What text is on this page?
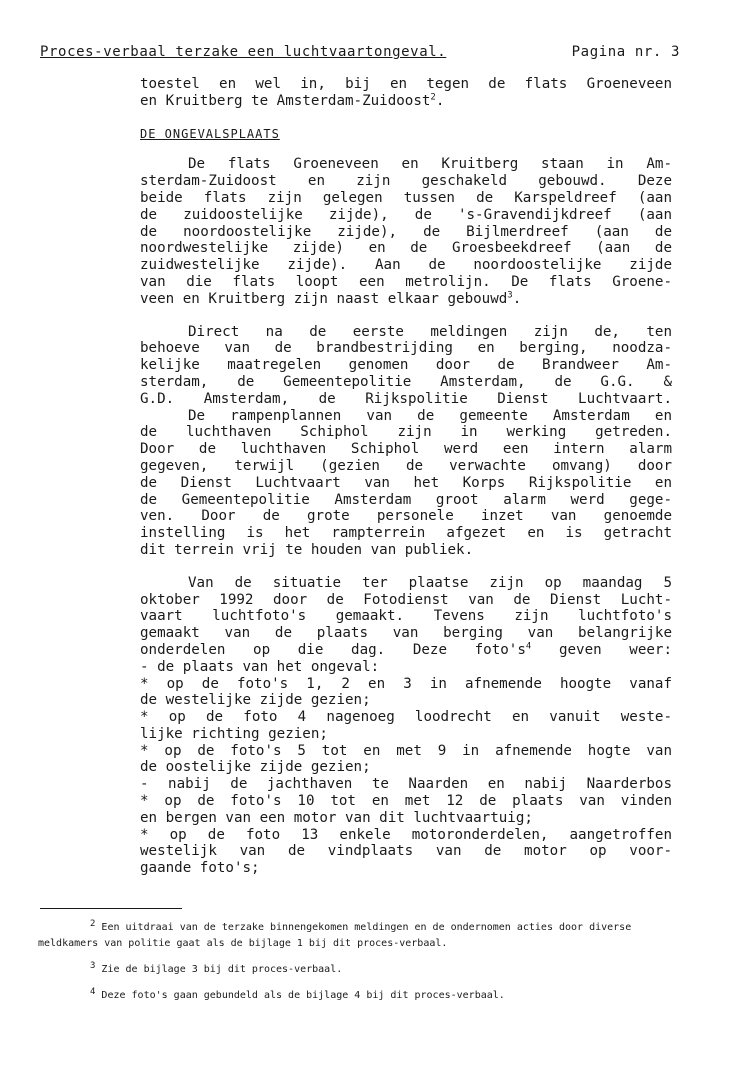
Proces-verbaal terzake een luchtvaartongeval.	Pagina nr. 3
toestel en wel in, bij en tegen de flats Groeneveen
en Kruitberg te Amsterdam-Zuidoost$^2$.
DE ONGEVALSPLAATS
De flats Groeneveen en Kruitberg staan in Am-
sterdam-Zuidoost en zijn geschakeld gebouwd. Deze
beide flats zijn gelegen tussen de Karspeldreef (aan
de zuidoostelijke zijde), de 's-Gravendijkdreef (aan
de noordoostelijke zijde), de Bijlmerdreef (aan de
noordwestelijke zijde) en de Groesbeekdreef (aan de
zuidwestelijke zijde). Aan de noordoostelijke zijde
van die flats loopt een metrolijn. De flats Groene-
veen en Kruitberg zijn naast elkaar gebouwd$^3$.
Direct na de eerste meldingen zijn de, ten
behoeve van de brandbestrijding en berging, noodza-
kelijke maatregelen genomen door de Brandweer Am-
sterdam, de Gemeentepolitie Amsterdam, de G.G. &
G.D. Amsterdam, de Rijkspolitie Dienst Luchtvaart.
De rampenplannen van de gemeente Amsterdam en
de luchthaven Schiphol zijn in werking getreden.
Door de luchthaven Schiphol werd een intern alarm
gegeven, terwijl (gezien de verwachte omvang) door
de Dienst Luchtvaart van het Korps Rijkspolitie en
de Gemeentepolitie Amsterdam groot alarm werd gege-
ven. Door de grote personele inzet van genoemde
instelling is het rampterrein afgezet en is getracht
dit terrein vrij te houden van publiek.
Van de situatie ter plaatse zijn op maandag 5
oktober 1992 door de Fotodienst van de Dienst Lucht-
vaart luchtfoto's gemaakt. Tevens zijn luchtfoto's
gemaakt van de plaats van berging van belangrijke
onderdelen op die dag. Deze $foto's^4$ geven weer:
- de plaats van het ongeval:
* op de foto's 1, 2 en 3 in afnemende hoogte vanaf
de westelijke zijde gezien;
* op de foto 4 nagenoeg loodrecht en vanuit weste-
lijke richting gezien;
* op de foto's 5 tot en met 9 in afnemende hogte van
de oostelijke zijde gezien;
- nabij de jachthaven te Naarden en nabij Naarderbos
* op de foto's 10 tot en met 12 de plaats van vinden
en bergen van een motor van dit luchtvaartuig;
* op de foto 13 enkele motoronderdelen, aangetroffen
westelijk van de vindplaats van de motor op voor-
gaande foto's;
2 Een uitdraai van de terzake binnengekomen meldingen en de ondernomen acties door diverse
meldkamers van politie gaat als de bijlage 1 bij dit proces-verbaal.
3 Zie de bijlage 3 bij dit proces-verbaal.
4 Deze foto's gaan gebundeld als de bijlage 4 bij dit proces-verbaal.
